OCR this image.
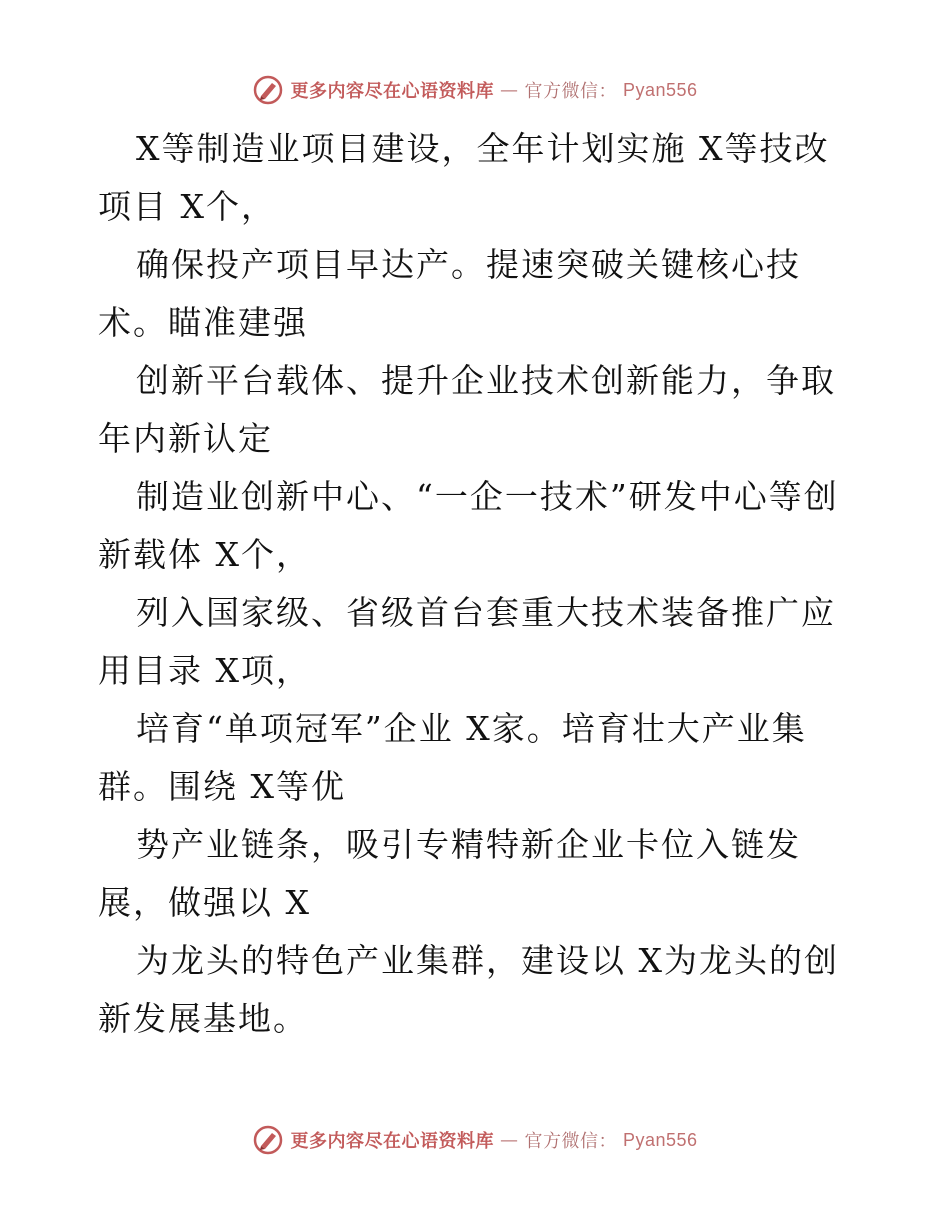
更多内容尽在心语资料库 — 官方微信： Pyan556

X等制造业项目建设，全年计划实施 X等技改项目 X个，

确保投产项目早达产。提速突破关键核心技术。瞄准建强

创新平台载体、提升企业技术创新能力，争取年内新认定

制造业创新中心、“一企一技术”研发中心等创新载体 X个，

列入国家级、省级首台套重大技术装备推广应用目录 X项，

培育“单项冠军”企业 X家。培育壮大产业集群。围绕 X等优

势产业链条，吸引专精特新企业卡位入链发展，做强以 X

为龙头的特色产业集群，建设以 X为龙头的创新发展基地。

更多内容尽在心语资料库 — 官方微信： Pyan556
